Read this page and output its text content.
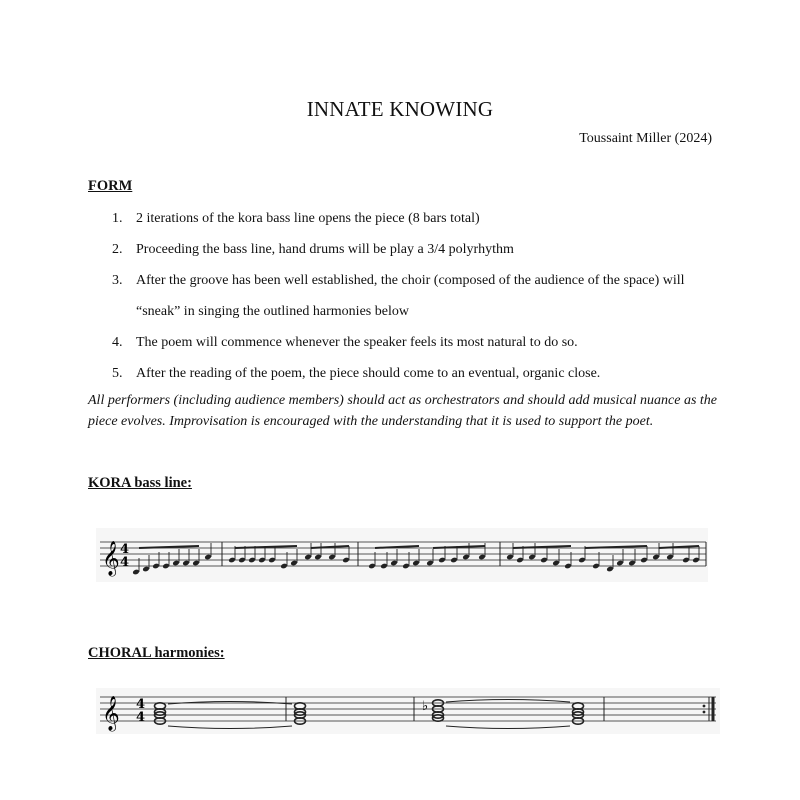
INNATE KNOWING
Toussaint Miller (2024)
FORM
1. 2 iterations of the kora bass line opens the piece (8 bars total)
2. Proceeding the bass line, hand drums will be play a 3/4 polyrhythm
3. After the groove has been well established, the choir (composed of the audience of the space) will “sneak” in singing the outlined harmonies below
4. The poem will commence whenever the speaker feels its most natural to do so.
5. After the reading of the poem, the piece should come to an eventual, organic close.
All performers (including audience members) should act as orchestrators and should add musical nuance as the piece evolves. Improvisation is encouraged with the understanding that it is used to support the poet.
KORA bass line:
𝄞 4
4
CHORAL harmonies:
𝄞 4
4
♭
